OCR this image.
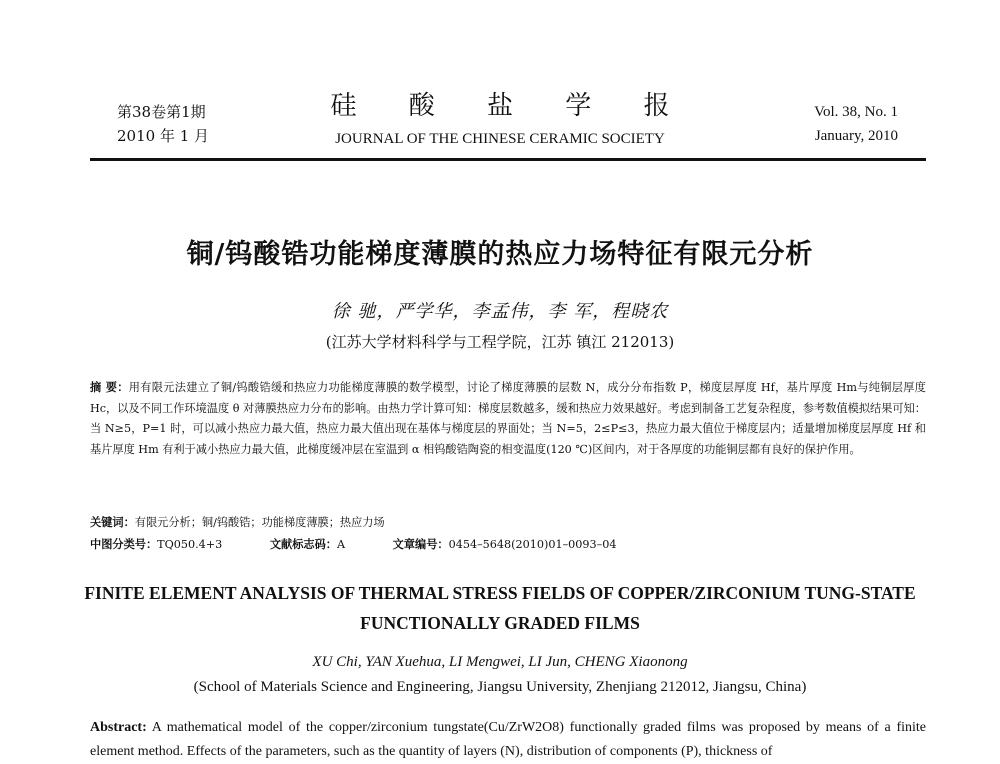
第38卷第1期
2010 年 1 月
硅 酸 盐 学 报
JOURNAL OF THE CHINESE CERAMIC SOCIETY
Vol. 38, No. 1
January, 2010
铜/钨酸锆功能梯度薄膜的热应力场特征有限元分析
徐 驰，严学华，李孟伟，李 军，程晓农
(江苏大学材料科学与工程学院，江苏 镇江 212013)
摘 要：用有限元法建立了铜/钨酸锆缓和热应力功能梯度薄膜的数学模型，讨论了梯度薄膜的层数 N，成分分布指数 P，梯度层厚度 Hf，基片厚度 Hm与纯铜层厚度 Hc，以及不同工作环境温度 θ 对薄膜热应力分布的影响。由热力学计算可知：梯度层数越多，缓和热应力效果越好。考虑到制备工艺复杂程度，参考数值模拟结果可知：当 N≥5，P=1 时，可以减小热应力最大值，热应力最大值出现在基体与梯度层的界面处；当 N=5，2≤P≤3，热应力最大值位于梯度层内；适量增加梯度层厚度 Hf 和基片厚度 Hm 有利于减小热应力最大值，此梯度缓冲层在室温到 α 相钨酸锆陶瓷的相变温度(120 ℃)区间内，对于各厚度的功能铜层都有良好的保护作用。
关键词：有限元分析；铜/钨酸锆；功能梯度薄膜；热应力场
中图分类号：TQ050.4+3	文献标志码：A	文章编号：0454–5648(2010)01–0093–04
FINITE ELEMENT ANALYSIS OF THERMAL STRESS FIELDS OF COPPER/ZIRCONIUM TUNG-STATE FUNCTIONALLY GRADED FILMS
XU Chi, YAN Xuehua, LI Mengwei, LI Jun, CHENG Xiaonong
(School of Materials Science and Engineering, Jiangsu University, Zhenjiang 212012, Jiangsu, China)
Abstract: A mathematical model of the copper/zirconium tungstate(Cu/ZrW2O8) functionally graded films was proposed by means of a finite element method. Effects of the parameters, such as the quantity of layers (N), distribution of components (P), thickness of
